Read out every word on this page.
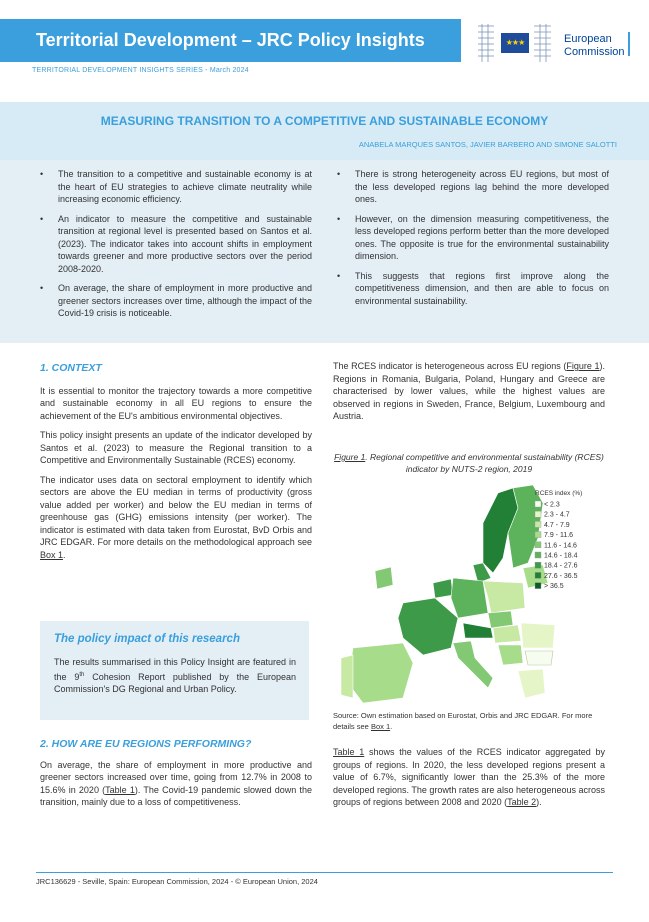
Territorial Development – JRC Policy Insights	★★★	European
Commission
TERRITORIAL DEVELOPMENT INSIGHTS SERIES - March 2024
MEASURING TRANSITION TO A COMPETITIVE AND SUSTAINABLE ECONOMY
ANABELA MARQUES SANTOS, JAVIER BARBERO AND SIMONE SALOTTI
• The transition to a competitive and sustainable economy is at the heart of EU strategies to achieve climate neutrality while increasing economic efficiency.
• An indicator to measure the competitive and sustainable transition at regional level is presented based on Santos et al. (2023). The indicator takes into account shifts in employment towards greener and more productive sectors over the period 2008-2020.
• On average, the share of employment in more productive and greener sectors increases over time, although the impact of the Covid-19 crisis is noticeable.
• There is strong heterogeneity across EU regions, but most of the less developed regions lag behind the more developed ones.
• However, on the dimension measuring competitiveness, the less developed regions perform better than the more developed ones. The opposite is true for the environmental sustainability dimension.
• This suggests that regions first improve along the competitiveness dimension, and then are able to focus on environmental sustainability.

1. CONTEXT

It is essential to monitor the trajectory towards a more competitive and sustainable economy in all EU regions to ensure the achievement of the EU's ambitious environmental objectives.

This policy insight presents an update of the indicator developed by Santos et al. (2023) to measure the Regional transition to a Competitive and Environmentally Sustainable (RCES) economy.

The indicator uses data on sectoral employment to identify which sectors are above the EU median in terms of productivity (gross value added per worker) and below the EU median in terms of greenhouse gas (GHG) emissions intensity (per worker). The indicator is estimated with data taken from Eurostat, BvD Orbis and JRC EDGAR. For more details on the methodological approach see Box 1.

The policy impact of this research
The results summarised in this Policy Insight are featured in the 9th Cohesion Report published by the European Commission's DG Regional and Urban Policy.

2. HOW ARE EU REGIONS PERFORMING?

On average, the share of employment in more productive and greener sectors increased over time, going from 12.7% in 2008 to 15.6% in 2020 (Table 1). The Covid-19 pandemic slowed down the transition, mainly due to a loss of competitiveness.

The RCES indicator is heterogeneous across EU regions (Figure 1). Regions in Romania, Bulgaria, Poland, Hungary and Greece are characterised by lower values, while the highest values are observed in regions in Sweden, France, Belgium, Luxembourg and Austria.

Figure 1. Regional competitive and environmental sustainability (RCES) indicator by NUTS-2 region, 2019
RCES index (%)
< 2.3
2.3 - 4.7
4.7 - 7.9
7.9 - 11.6
11.6 - 14.6
14.6 - 18.4
18.4 - 27.6
27.6 - 36.5
> 36.5
Source: Own estimation based on Eurostat, Orbis and JRC EDGAR. For more details see Box 1.

Table 1 shows the values of the RCES indicator aggregated by groups of regions. In 2020, the less developed regions present a value of 6.7%, significantly lower than the 25.3% of the more developed regions. The growth rates are also heterogeneous across groups of regions between 2008 and 2020 (Table 2).

JRC136629 - Seville, Spain: European Commission, 2024 - © European Union, 2024
